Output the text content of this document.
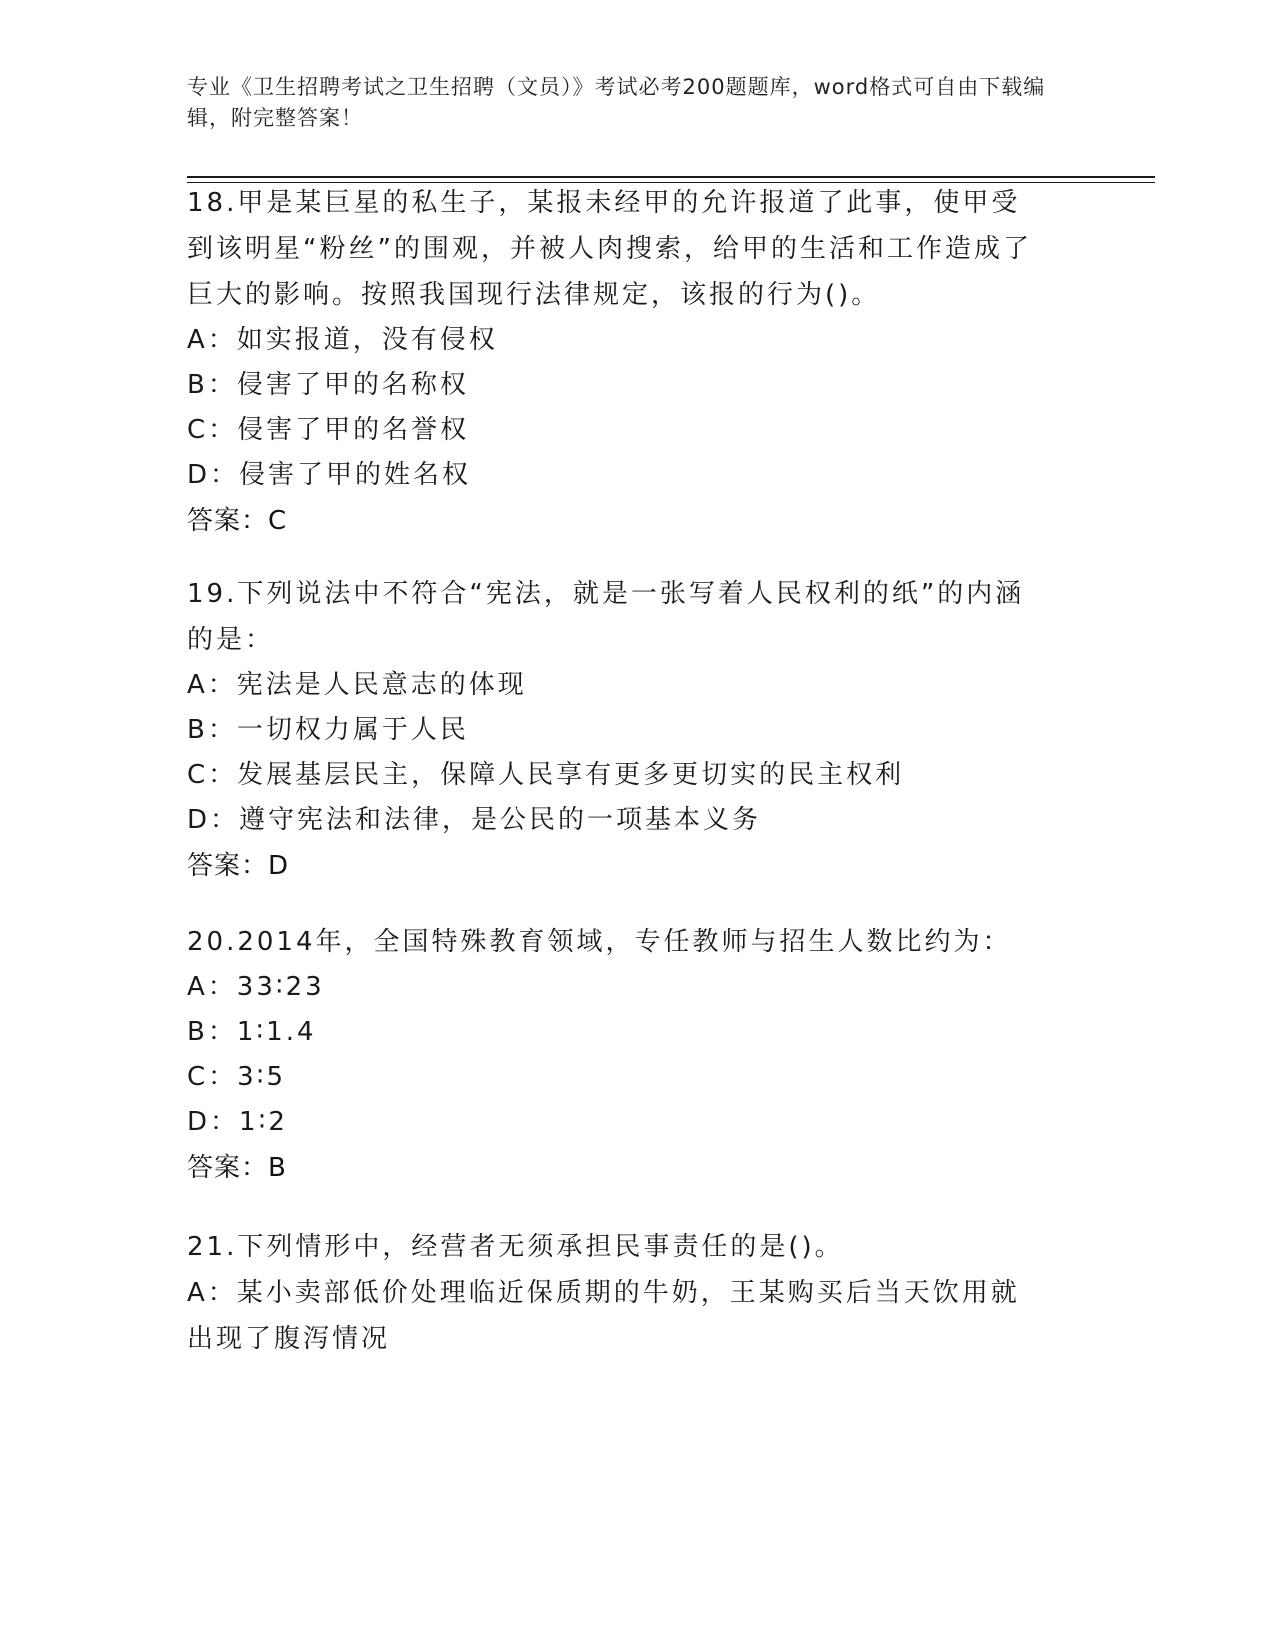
专业《卫生招聘考试之卫生招聘（文员）》考试必考200题题库，word格式可自由下载编辑，附完整答案！
18.甲是某巨星的私生子，某报未经甲的允许报道了此事，使甲受到该明星“粉丝”的围观，并被人肉搜索，给甲的生活和工作造成了巨大的影响。按照我国现行法律规定，该报的行为()。
A：如实报道，没有侵权
B：侵害了甲的名称权
C：侵害了甲的名誉权
D：侵害了甲的姓名权
答案：C
19.下列说法中不符合“宪法，就是一张写着人民权利的纸”的内涵的是：
A：宪法是人民意志的体现
B：一切权力属于人民
C：发展基层民主，保障人民享有更多更切实的民主权利
D：遵守宪法和法律，是公民的一项基本义务
答案：D
20.2014年，全国特殊教育领域，专任教师与招生人数比约为：
A：33∶23
B：1∶1.4
C：3∶5
D：1∶2
答案：B
21.下列情形中，经营者无须承担民事责任的是()。
A：某小卖部低价处理临近保质期的牛奶，王某购买后当天饮用就出现了腹泻情况
